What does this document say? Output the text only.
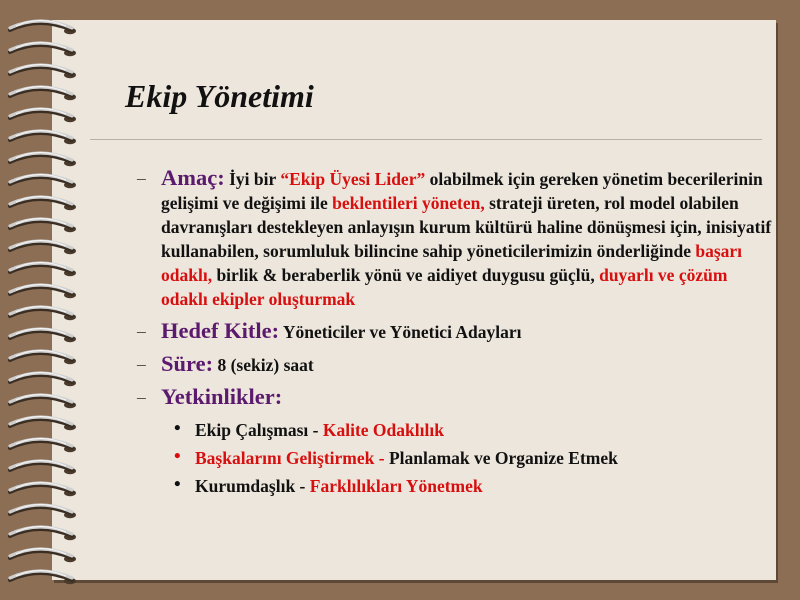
Ekip Yönetimi

– Amaç: İyi bir “Ekip Üyesi Lider” olabilmek için gereken yönetim becerilerinin gelişimi ve değişimi ile beklentileri yöneten, strateji üreten, rol model olabilen davranışları destekleyen anlayışın kurum kültürü haline dönüşmesi için, inisiyatif kullanabilen, sorumluluk bilincine sahip yöneticilerimizin önderliğinde başarı odaklı, birlik & beraberlik yönü ve aidiyet duygusu güçlü, duyarlı ve çözüm odaklı ekipler oluşturmak

– Hedef Kitle: Yöneticiler ve Yönetici Adayları

– Süre: 8 (sekiz) saat

– Yetkinlikler:

• Ekip Çalışması - Kalite Odaklılık
• Başkalarını Geliştirmek - Planlamak ve Organize Etmek
• Kurumdaşlık - Farklılıkları Yönetmek
